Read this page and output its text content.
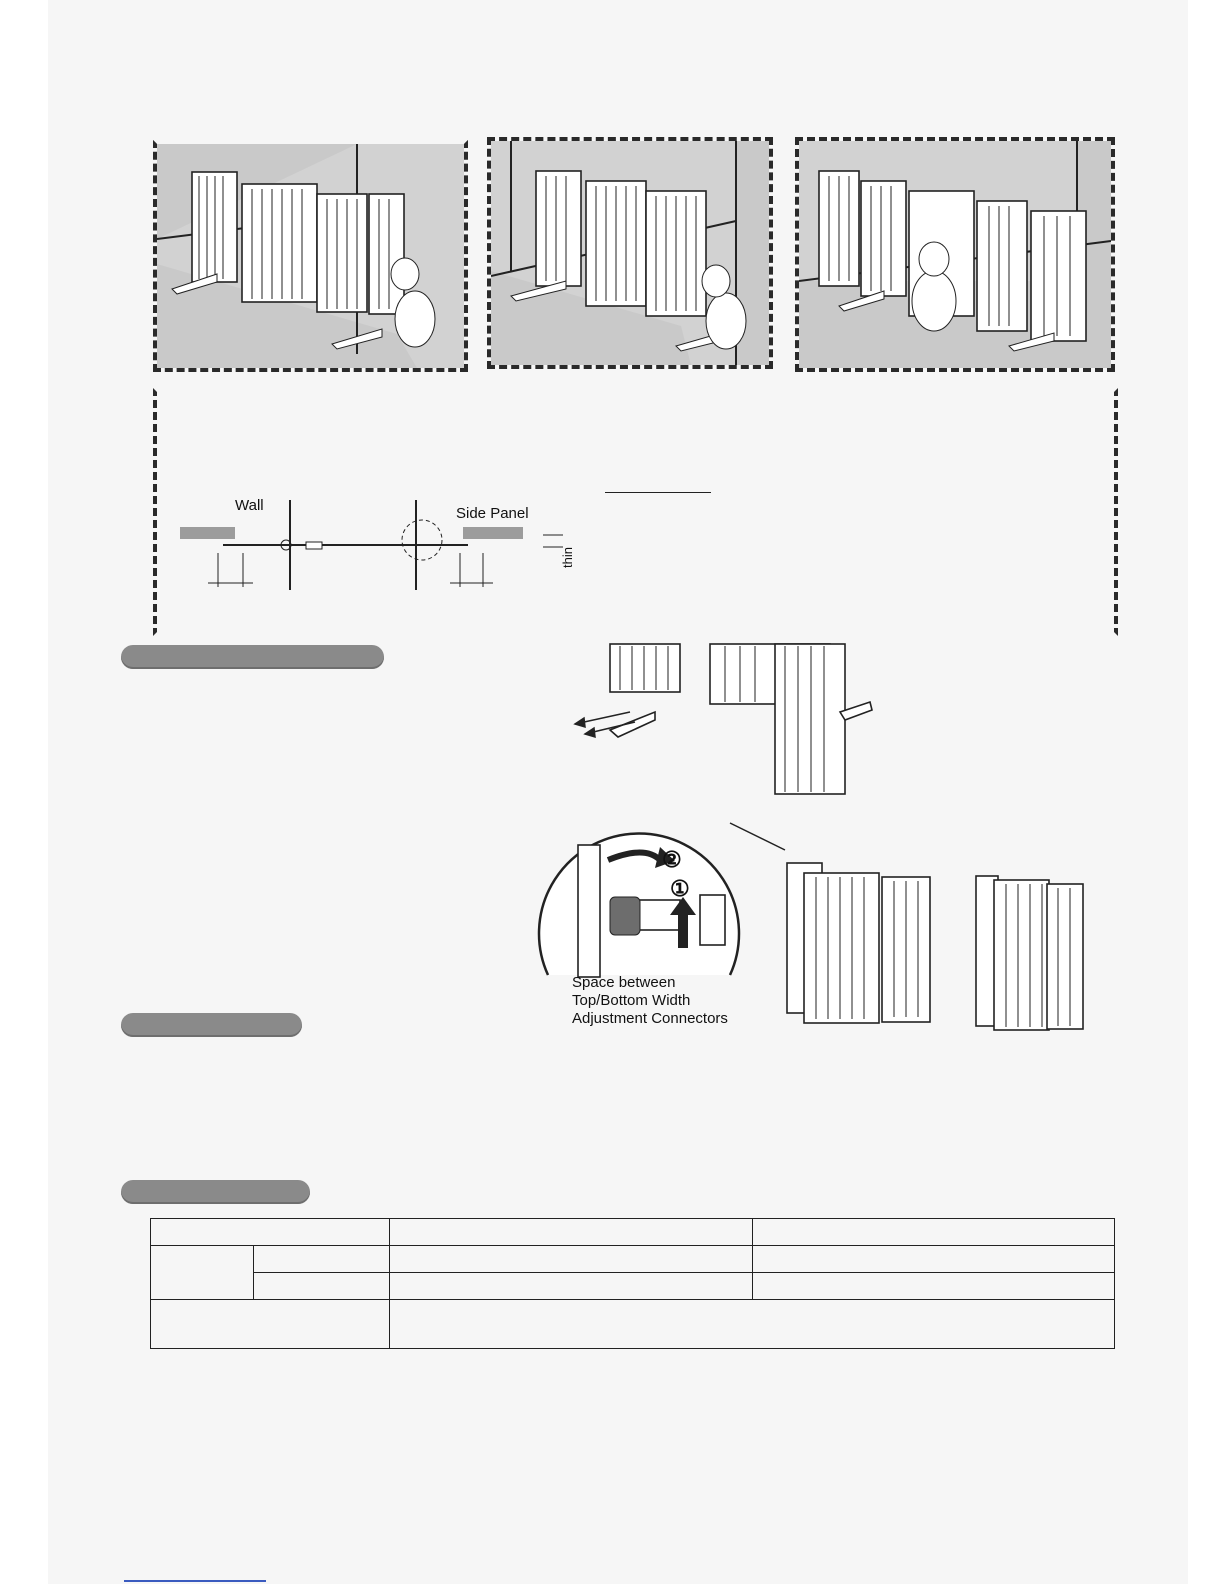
Wall	Side Panel
thin
②
①
Space between
Top/Bottom Width
Adjustment Connectors
